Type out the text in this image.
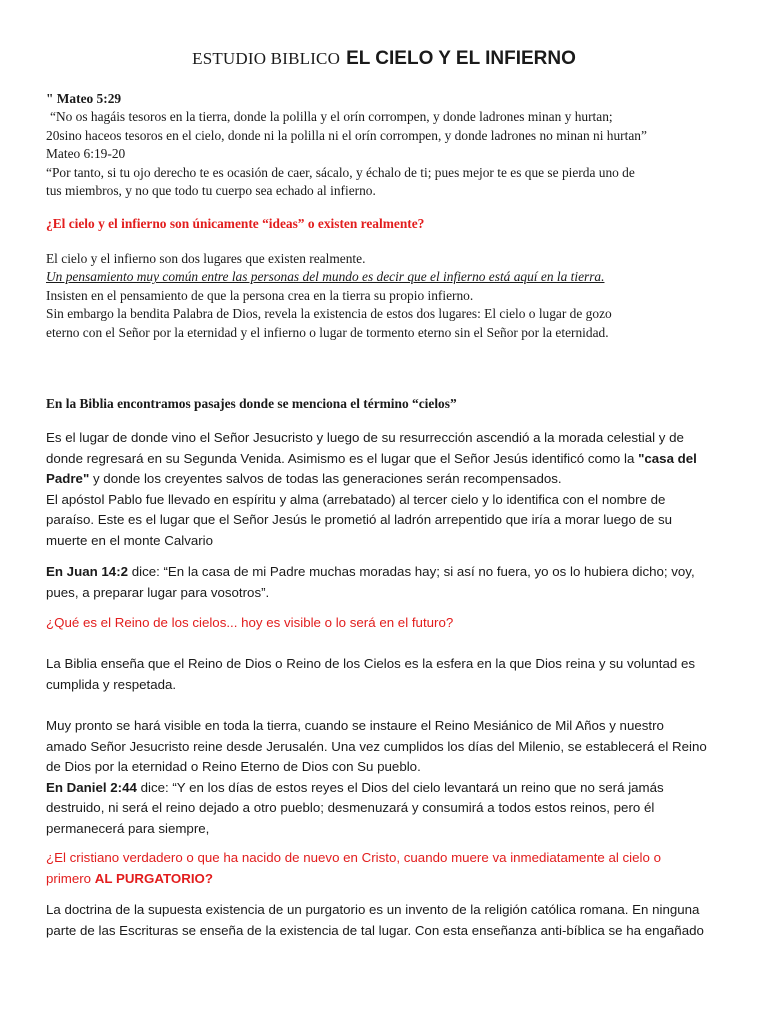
ESTUDIO BIBLICO EL CIELO Y EL INFIERNO
" Mateo 5:29
“No os hagáis tesoros en la tierra, donde la polilla y el orín corrompen, y donde ladrones minan y hurtan;
20sino haceos tesoros en el cielo, donde ni la polilla ni el orín corrompen, y donde ladrones no minan ni hurtan”
Mateo 6:19-20
“Por tanto, si tu ojo derecho te es ocasión de caer, sácalo, y échalo de ti; pues mejor te es que se pierda uno de
tus miembros, y no que todo tu cuerpo sea echado al infierno.
¿El cielo y el infierno son únicamente “ideas” o existen realmente?
El cielo y el infierno son dos lugares que existen realmente.
Un pensamiento muy común entre las personas del mundo es decir que el infierno está aquí en la tierra.
Insisten en el pensamiento de que la persona crea en la tierra su propio infierno.
Sin embargo la bendita Palabra de Dios, revela la existencia de estos dos lugares: El cielo o lugar de gozo
eterno con el Señor por la eternidad y el infierno o lugar de tormento eterno sin el Señor por la eternidad.
En la Biblia encontramos pasajes donde se menciona el término “cielos”
Es el lugar de donde vino el Señor Jesucristo y luego de su resurrección ascendió a la morada celestial y de
donde regresará en su Segunda Venida. Asimismo es el lugar que el Señor Jesús identificó como la "casa del
Padre" y donde los creyentes salvos de todas las generaciones serán recompensados.
El apóstol Pablo fue llevado en espíritu y alma (arrebatado) al tercer cielo y lo identifica con el nombre de
paraíso. Este es el lugar que el Señor Jesús le prometió al ladrón arrepentido que iría a morar luego de su
muerte en el monte Calvario
En Juan 14:2 dice: “En la casa de mi Padre muchas moradas hay; si así no fuera, yo os lo hubiera dicho; voy,
pues, a preparar lugar para vosotros”.
¿Qué es el Reino de los cielos... hoy es visible o lo será en el futuro?
La Biblia enseña que el Reino de Dios o Reino de los Cielos es la esfera en la que Dios reina y su voluntad es
cumplida y respetada.
Muy pronto se hará visible en toda la tierra, cuando se instaure el Reino Mesiánico de Mil Años y nuestro
amado Señor Jesucristo reine desde Jerusalén. Una vez cumplidos los días del Milenio, se establecerá el Reino
de Dios por la eternidad o Reino Eterno de Dios con Su pueblo.
En Daniel 2:44 dice: “Y en los días de estos reyes el Dios del cielo levantará un reino que no será jamás
destruido, ni será el reino dejado a otro pueblo; desmenuzará y consumirá a todos estos reinos, pero él
permanecerá para siempre,
¿El cristiano verdadero o que ha nacido de nuevo en Cristo, cuando muere va inmediatamente al cielo o
primero AL PURGATORIO?
La doctrina de la supuesta existencia de un purgatorio es un invento de la religión católica romana. En ninguna
parte de las Escrituras se enseña de la existencia de tal lugar. Con esta enseñanza anti-bíblica se ha engañado
